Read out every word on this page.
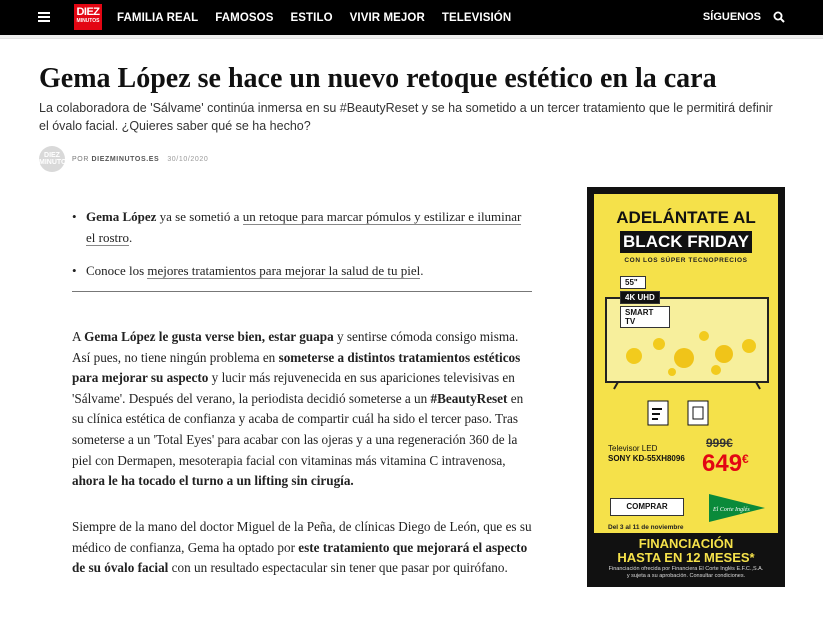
DIEZ
MINUTOS FAMILIA REAL FAMOSOS ESTILO VIVIR MEJOR TELEVISIÓN	SÍGUENOS
Gema López se hace un nuevo retoque estético en la cara

La colaboradora de 'Sálvame' continúa inmersa en su #BeautyReset y se ha sometido a un tercer tratamiento que le permitirá definir el óvalo facial. ¿Quieres saber qué se ha hecho?

DIEZ MINUTOS POR DIEZMINUTOS.ES 30/10/2020
• Gema López ya se sometió a un retoque para marcar pómulos y estilizar e iluminar el rostro.
• Conoce los mejores tratamientos para mejorar la salud de tu piel.

A Gema López le gusta verse bien, estar guapa y sentirse cómoda consigo misma. Así pues, no tiene ningún problema en someterse a distintos tratamientos estéticos para mejorar su aspecto y lucir más rejuvenecida en sus apariciones televisivas en 'Sálvame'. Después del verano, la periodista decidió someterse a un #BeautyReset en su clínica estética de confianza y acaba de compartir cuál ha sido el tercer paso. Tras someterse a un 'Total Eyes' para acabar con las ojeras y a una regeneración 360 de la piel con Dermapen, mesoterapia facial con vitaminas más vitamina C intravenosa, ahora le ha tocado el turno a un lifting sin cirugía.

Siempre de la mano del doctor Miguel de la Peña, de clínicas Diego de León, que es su médico de confianza, Gema ha optado por este tratamiento que mejorará el aspecto de su óvalo facial con un resultado espectacular sin tener que pasar por quirófano.

ADELÁNTATE AL
BLACK FRIDAY
CON LOS SÚPER TECNOPRECIOS
55"
4K UHD
SMART TV
Televisor LED
SONY KD-55XH8096
999€
649€
COMPRAR	El Corte Inglés
Del 3 al 11 de noviembre
FINANCIACIÓN
HASTA EN 12 MESES*
Financiación ofrecida por Financiera El Corte Inglés E.F.C.,S.A.
y sujeta a su aprobación. Consultar condiciones.
